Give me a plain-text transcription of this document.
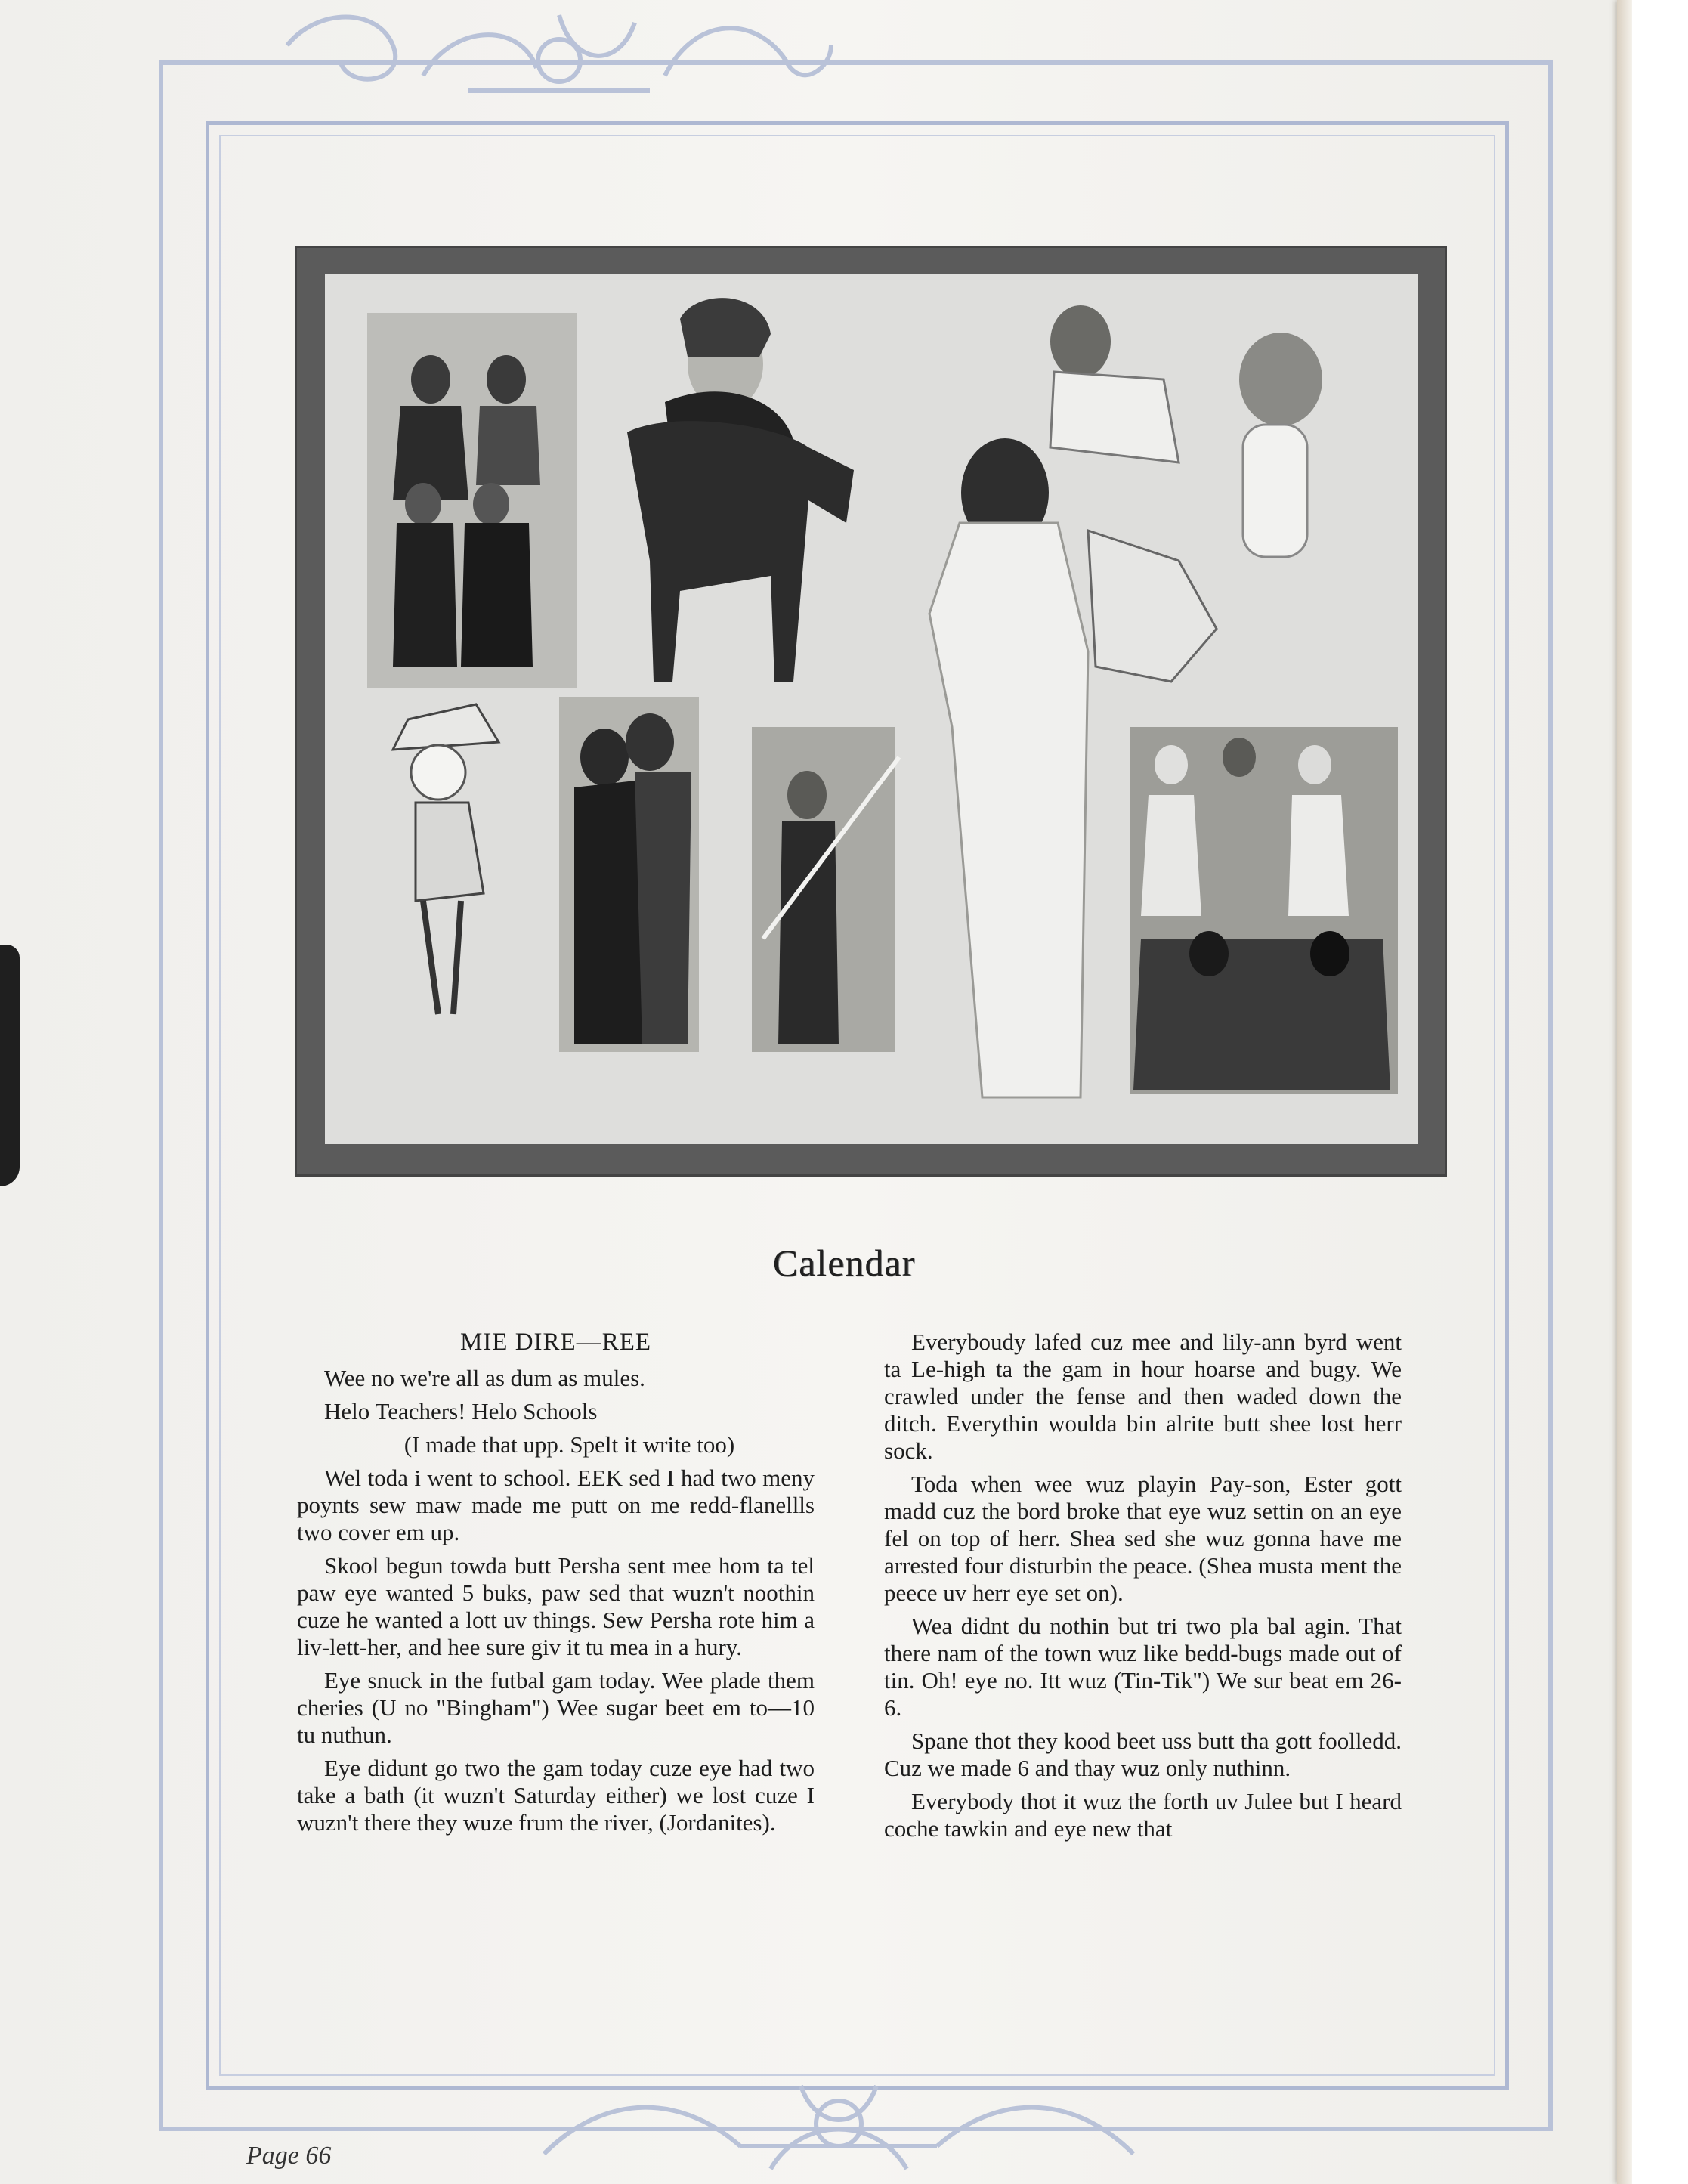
Calendar
MIE DIRE—REE

Wee no we're all as dum as mules.

Helo Teachers! Helo Schools

(I made that upp. Spelt it write too)

Wel toda i went to school. EEK sed I had two meny poynts sew maw made me putt on me redd-flanellls two cover em up.

Skool begun towda butt Persha sent mee hom ta tel paw eye wanted 5 buks, paw sed that wuzn't noothin cuze he wanted a lott uv things. Sew Persha rote him a liv-lett-her, and hee sure giv it tu mea in a hury.

Eye snuck in the futbal gam today. Wee plade them cheries (U no "Bingham") Wee sugar beet em to—10 tu nuthun.

Eye didunt go two the gam today cuze eye had two take a bath (it wuzn't Saturday either) we lost cuze I wuzn't there they wuze frum the river, (Jordanites).

Everyboudy lafed cuz mee and lily-ann byrd went ta Le-high ta the gam in hour hoarse and bugy. We crawled under the fense and then waded down the ditch. Everythin woulda bin alrite butt shee lost herr sock.

Toda when wee wuz playin Pay-son, Ester gott madd cuz the bord broke that eye wuz settin on an eye fel on top of herr. Shea sed she wuz gonna have me arrested four disturbin the peace. (Shea musta ment the peece uv herr eye set on).

Wea didnt du nothin but tri two pla bal agin. That there nam of the town wuz like bedd-bugs made out of tin. Oh! eye no. Itt wuz (Tin-Tik") We sur beat em 26-6.

Spane thot they kood beet uss butt tha gott foolledd. Cuz we made 6 and thay wuz only nuthinn.

Everybody thot it wuz the forth uv Julee but I heard coche tawkin and eye new that

Page 66
